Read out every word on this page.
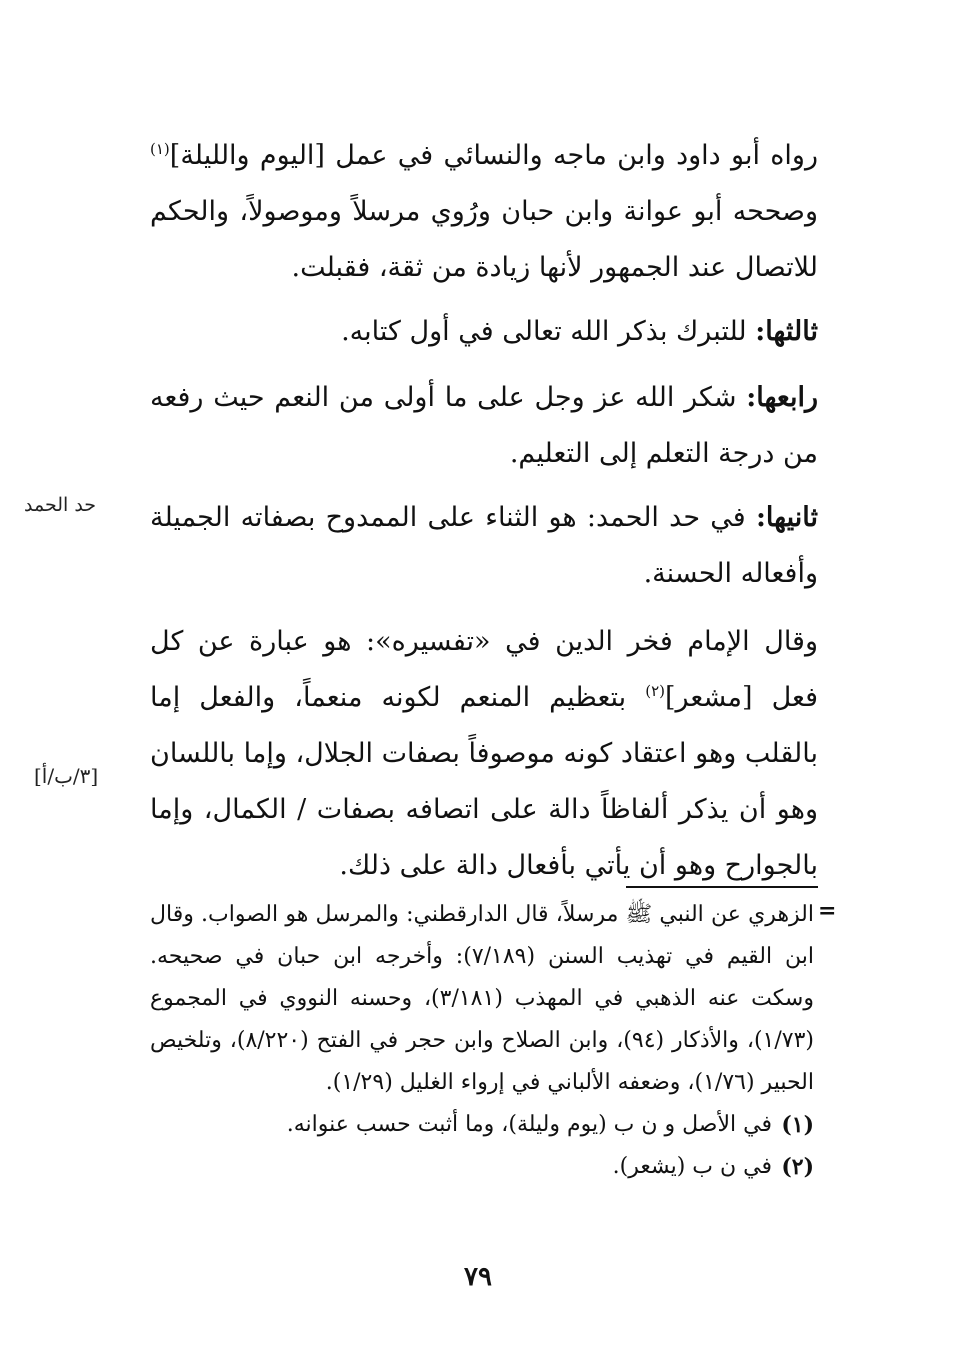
رواه أبو داود وابن ماجه والنسائي في عمل [اليوم والليلة]$^{(١)}$ وصححه أبو عوانة وابن حبان ورُوي مرسلاً وموصولاً، والحكم للاتصال عند الجمهور لأنها زيادة من ثقة، فقبلت.

ثالثها: للتبرك بذكر الله تعالى في أول كتابه.

رابعها: شكر الله عز وجل على ما أولى من النعم حيث رفعه من درجة التعلم إلى التعليم.

ثانيها: في حد الحمد: هو الثناء على الممدوح بصفاته الجميلة وأفعاله الحسنة.

وقال الإمام فخر الدين في «تفسيره»: هو عبارة عن كل فعل [مشعر]$^{(٢)}$ بتعظيم المنعم لكونه منعماً، والفعل إما بالقلب وهو اعتقاد كونه موصوفاً بصفات الجلال، وإما باللسان وهو أن يذكر ألفاظاً دالة على اتصافه بصفات / الكمال، وإما بالجوارح وهو أن يأتي بأفعال دالة على ذلك.

حد الحمد
[٣/ب/أ]
=

الزهري عن النبي ﷺ مرسلاً، قال الدارقطني: والمرسل هو الصواب. وقال ابن القيم في تهذيب السنن (٧/١٨٩): وأخرجه ابن حبان في صحيحه. وسكت عنه الذهبي في المهذب (٣/١٨١)، وحسنه النووي في المجموع (١/٧٣)، والأذكار (٩٤)، وابن الصلاح وابن حجر في الفتح (٨/٢٢٠)، وتلخيص الحبير (١/٧٦)، وضعفه الألباني في إرواء الغليل (١/٢٩).

(١)
في الأصل و ن ب (يوم وليلة)، وما أثبت حسب عنوانه.
(٢)
في ن ب (يشعر).
٧٩
